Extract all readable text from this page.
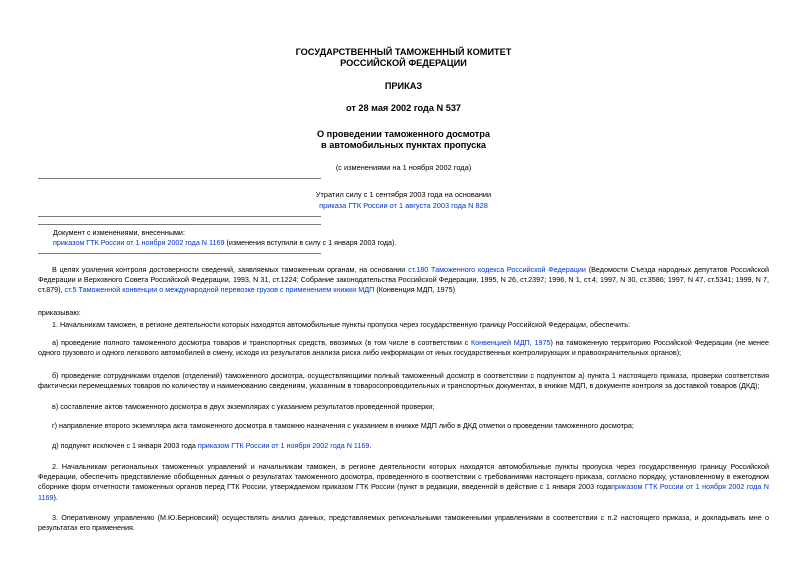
ГОСУДАРСТВЕННЫЙ ТАМОЖЕННЫЙ КОМИТЕТ
РОССИЙСКОЙ ФЕДЕРАЦИИ
ПРИКАЗ
от 28 мая 2002 года N 537
О проведении таможенного досмотра
в автомобильных пунктах пропуска
(с изменениями на 1 ноября 2002 года)
Утратил силу с 1 сентября 2003 года на основании
приказа ГТК России от 1 августа 2003 года N 828
Документ с изменениями, внесенными:
приказом ГТК России от 1 ноября 2002 года N 1169 (изменения вступили в силу с 1 января 2003 года).
В целях усиления контроля достоверности сведений, заявляемых таможенным органам, на основании ст.180 Таможенного кодекса Российской Федерации (Ведомости Съезда народных депутатов Российской Федерации и Верховного Совета Российской Федерации, 1993, N 31, ст.1224; Собрание законодательства Российской Федерации, 1995, N 26, ст.2397; 1996, N 1, ст.4; 1997, N 30, ст.3586; 1997, N 47, ст.5341; 1999, N 7, ст.879), ст.5 Таможенной конвенции о международной перевозке грузов с применением книжки МДП (Конвенция МДП, 1975)
приказываю:
1. Начальникам таможен, в регионе деятельности которых находятся автомобильные пункты пропуска через государственную границу Российской Федерации, обеспечить:
а) проведение полного таможенного досмотра товаров и транспортных средств, ввозимых (в том числе в соответствии с Конвенцией МДП, 1975) на таможенную территорию Российской Федерации (не менее одного грузового и одного легкового автомобилей в смену, исходя из результатов анализа риска либо информации от иных государственных контролирующих и правоохранительных органов);
б) проведение сотрудниками отделов (отделений) таможенного досмотра, осуществляющими полный таможенный досмотр в соответствии с подпунктом а) пункта 1 настоящего приказа, проверки соответствия фактически перемещаемых товаров по количеству и наименованию сведениям, указанным в товаросопроводительных и транспортных документах, в книжке МДП, в документе контроля за доставкой товаров (ДКД);
в) составление актов таможенного досмотра в двух экземплярах с указанием результатов проведенной проверки;
г) направление второго экземпляра акта таможенного досмотра в таможню назначения с указанием в книжке МДП либо в ДКД отметки о проведении таможенного досмотра;
д) подпункт исключен с 1 января 2003 года приказом ГТК России от 1 ноября 2002 года N 1169.
2. Начальникам региональных таможенных управлений и начальникам таможен, в регионе деятельности которых находятся автомобильные пункты пропуска через государственную границу Российской Федерации, обеспечить представление обобщенных данных о результатах таможенного досмотра, проведенного в соответствии с требованиями настоящего приказа, согласно порядку, установленному в ежегодном сборнике форм отчетности таможенных органов перед ГТК России, утверждаемом приказом ГТК России (пункт в редакции, введенной в действие с 1 января 2003 годаприказом ГТК России от 1 ноября 2002 года N 1169).
3. Оперативному управлению (М.Ю.Берновский) осуществлять анализ данных, представляемых региональными таможенными управлениями в соответствии с п.2 настоящего приказа, и докладывать мне о результатах его применения.
